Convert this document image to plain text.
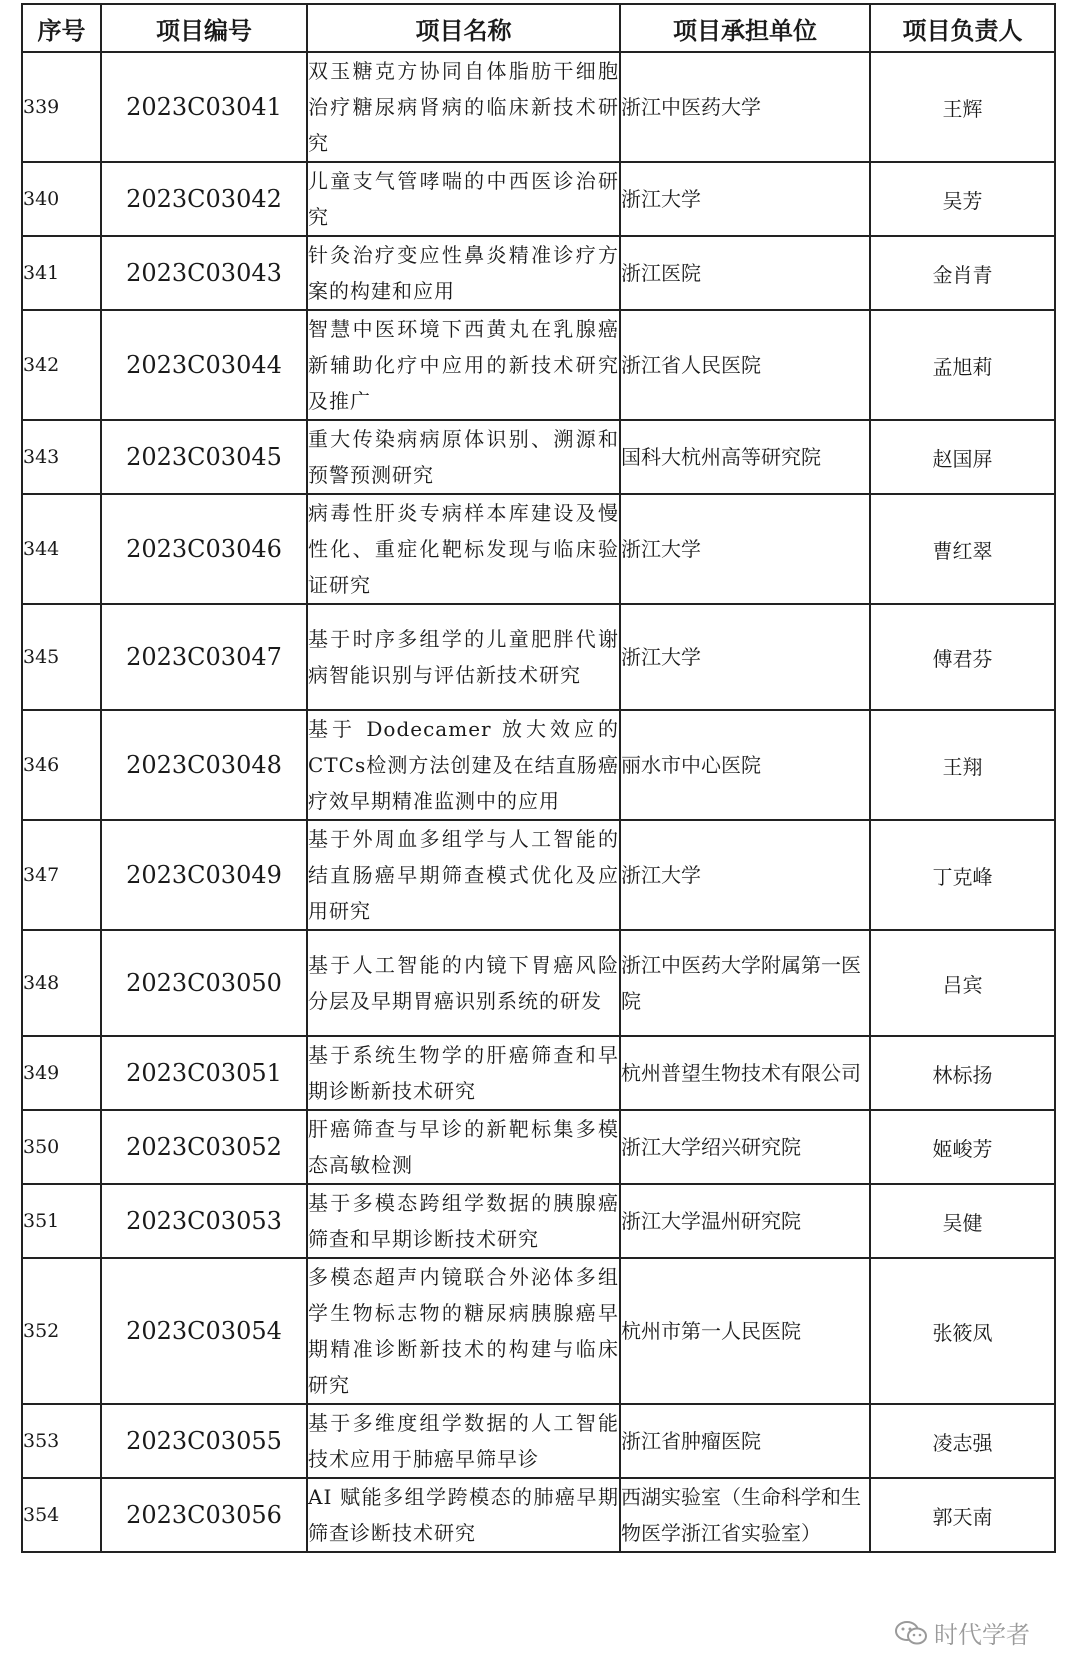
序号	项目编号	项目名称	项目承担单位	项目负责人
339	2023C03041	双玉糖克方协同自体脂肪干细胞治疗糖尿病肾病的临床新技术研究	浙江中医药大学	王辉
340	2023C03042	儿童支气管哮喘的中西医诊治研究	浙江大学	吴芳
341	2023C03043	针灸治疗变应性鼻炎精准诊疗方案的构建和应用	浙江医院	金肖青
342	2023C03044	智慧中医环境下西黄丸在乳腺癌新辅助化疗中应用的新技术研究及推广	浙江省人民医院	孟旭莉
343	2023C03045	重大传染病病原体识别、溯源和预警预测研究	国科大杭州高等研究院	赵国屏
344	2023C03046	病毒性肝炎专病样本库建设及慢性化、重症化靶标发现与临床验证研究	浙江大学	曹红翠
345	2023C03047	基于时序多组学的儿童肥胖代谢病智能识别与评估新技术研究	浙江大学	傅君芬
346	2023C03048	基于 Dodecamer 放大效应的CTCs检测方法创建及在结直肠癌疗效早期精准监测中的应用	丽水市中心医院	王翔
347	2023C03049	基于外周血多组学与人工智能的结直肠癌早期筛查模式优化及应用研究	浙江大学	丁克峰
348	2023C03050	基于人工智能的内镜下胃癌风险分层及早期胃癌识别系统的研发	浙江中医药大学附属第一医院	吕宾
349	2023C03051	基于系统生物学的肝癌筛查和早期诊断新技术研究	杭州普望生物技术有限公司	林标扬
350	2023C03052	肝癌筛查与早诊的新靶标集多模态高敏检测	浙江大学绍兴研究院	姬峻芳
351	2023C03053	基于多模态跨组学数据的胰腺癌筛查和早期诊断技术研究	浙江大学温州研究院	吴健
352	2023C03054	多模态超声内镜联合外泌体多组学生物标志物的糖尿病胰腺癌早期精准诊断新技术的构建与临床研究	杭州市第一人民医院	张筱凤
353	2023C03055	基于多维度组学数据的人工智能技术应用于肺癌早筛早诊	浙江省肿瘤医院	凌志强
354	2023C03056	AI 赋能多组学跨模态的肺癌早期筛查诊断技术研究	西湖实验室（生命科学和生物医学浙江省实验室）	郭天南
时代学者
